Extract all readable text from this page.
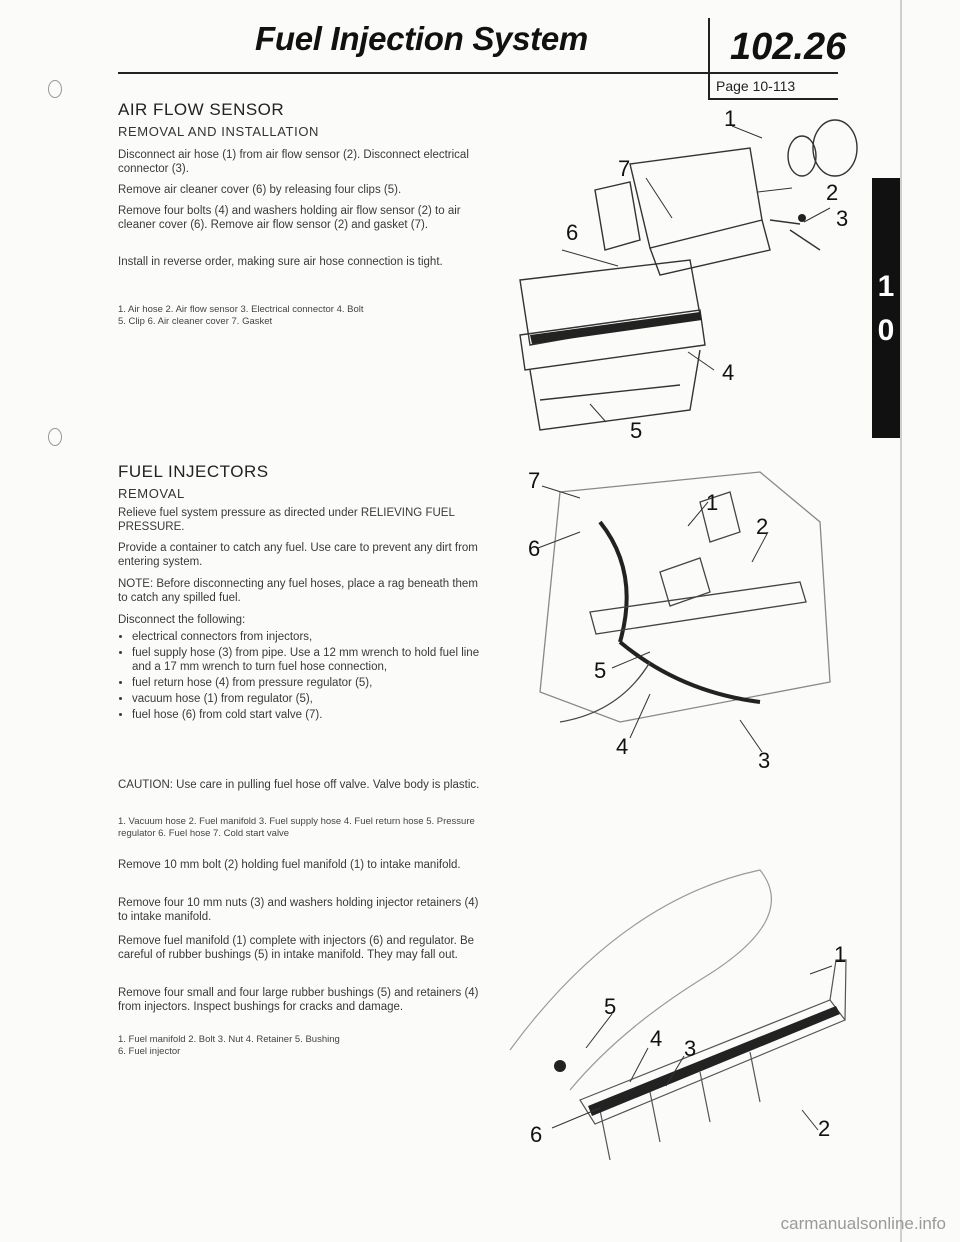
Fuel Injection System	102.26
Page 10-113
1
0
AIR FLOW SENSOR
REMOVAL AND INSTALLATION
Disconnect air hose (1) from air flow sensor (2). Disconnect electrical connector (3).
Remove air cleaner cover (6) by releasing four clips (5).
Remove four bolts (4) and washers holding air flow sensor (2) to air cleaner cover (6). Remove air flow sensor (2) and gasket (7).
Install in reverse order, making sure air hose connection is tight.
1. Air hose 2. Air flow sensor 3. Electrical connector 4. Bolt
5. Clip 6. Air cleaner cover 7. Gasket
1
7
2
3
6
4
5
FUEL INJECTORS
REMOVAL
Relieve fuel system pressure as directed under RELIEVING FUEL PRESSURE.
Provide a container to catch any fuel. Use care to prevent any dirt from entering system.
NOTE: Before disconnecting any fuel hoses, place a rag beneath them to catch any spilled fuel.
Disconnect the following:
• electrical connectors from injectors,
• fuel supply hose (3) from pipe. Use a 12 mm wrench to hold fuel line and a 17 mm wrench to turn fuel hose connection,
• fuel return hose (4) from pressure regulator (5),
• vacuum hose (1) from regulator (5),
• fuel hose (6) from cold start valve (7).
CAUTION: Use care in pulling fuel hose off valve. Valve body is plastic.
1. Vacuum hose 2. Fuel manifold 3. Fuel supply hose 4. Fuel return hose 5. Pressure regulator 6. Fuel hose 7. Cold start valve
7
1
2
6
5
4
3
Remove 10 mm bolt (2) holding fuel manifold (1) to intake manifold.
Remove four 10 mm nuts (3) and washers holding injector retainers (4) to intake manifold.
Remove fuel manifold (1) complete with injectors (6) and regulator. Be careful of rubber bushings (5) in intake manifold. They may fall out.
Remove four small and four large rubber bushings (5) and retainers (4) from injectors. Inspect bushings for cracks and damage.
1. Fuel manifold 2. Bolt 3. Nut 4. Retainer 5. Bushing
6. Fuel injector
1
5
4 3
6	2
carmanualsonline.info
